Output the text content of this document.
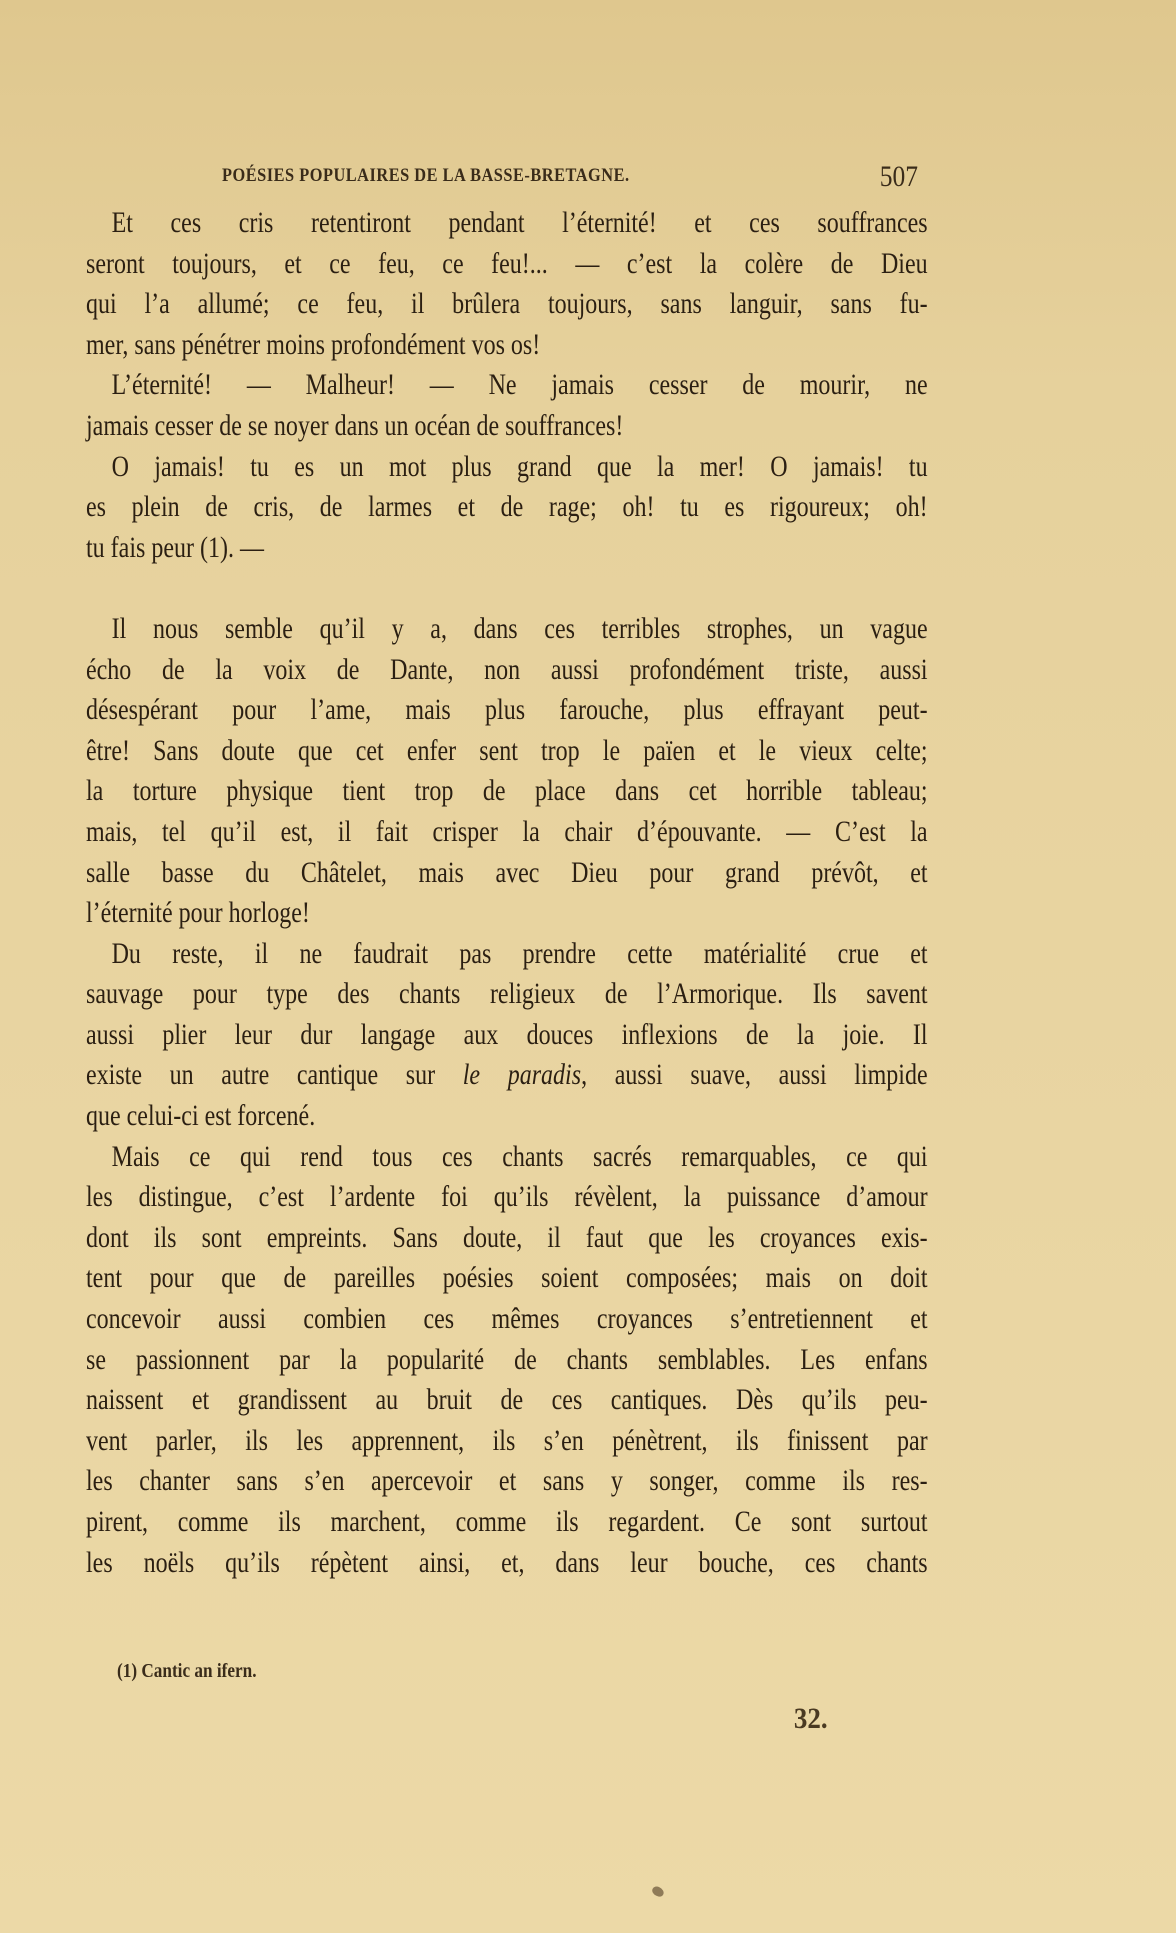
POÉSIES POPULAIRES DE LA BASSE-BRETAGNE.	507
Et ces cris retentiront pendant l’éternité! et ces souffrances
seront toujours, et ce feu, ce feu!... — c’est la colère de Dieu
qui l’a allumé; ce feu, il brûlera toujours, sans languir, sans fu-
mer, sans pénétrer moins profondément vos os!
L’éternité! — Malheur! — Ne jamais cesser de mourir, ne
jamais cesser de se noyer dans un océan de souffrances!
O jamais! tu es un mot plus grand que la mer! O jamais! tu
es plein de cris, de larmes et de rage; oh! tu es rigoureux; oh!
tu fais peur (1). —
Il nous semble qu’il y a, dans ces terribles strophes, un vague
écho de la voix de Dante, non aussi profondément triste, aussi
désespérant pour l’ame, mais plus farouche, plus effrayant peut-
être! Sans doute que cet enfer sent trop le païen et le vieux celte;
la torture physique tient trop de place dans cet horrible tableau;
mais, tel qu’il est, il fait crisper la chair d’épouvante. — C’est la
salle basse du Châtelet, mais avec Dieu pour grand prévôt, et
l’éternité pour horloge!
Du reste, il ne faudrait pas prendre cette matérialité crue et
sauvage pour type des chants religieux de l’Armorique. Ils savent
aussi plier leur dur langage aux douces inflexions de la joie. Il
existe un autre cantique sur le paradis, aussi suave, aussi limpide
que celui-ci est forcené.
Mais ce qui rend tous ces chants sacrés remarquables, ce qui
les distingue, c’est l’ardente foi qu’ils révèlent, la puissance d’amour
dont ils sont empreints. Sans doute, il faut que les croyances exis-
tent pour que de pareilles poésies soient composées; mais on doit
concevoir aussi combien ces mêmes croyances s’entretiennent et
se passionnent par la popularité de chants semblables. Les enfans
naissent et grandissent au bruit de ces cantiques. Dès qu’ils peu-
vent parler, ils les apprennent, ils s’en pénètrent, ils finissent par
les chanter sans s’en apercevoir et sans y songer, comme ils res-
pirent, comme ils marchent, comme ils regardent. Ce sont surtout
les noëls qu’ils répètent ainsi, et, dans leur bouche, ces chants
(1) Cantic an ifern.
32.
